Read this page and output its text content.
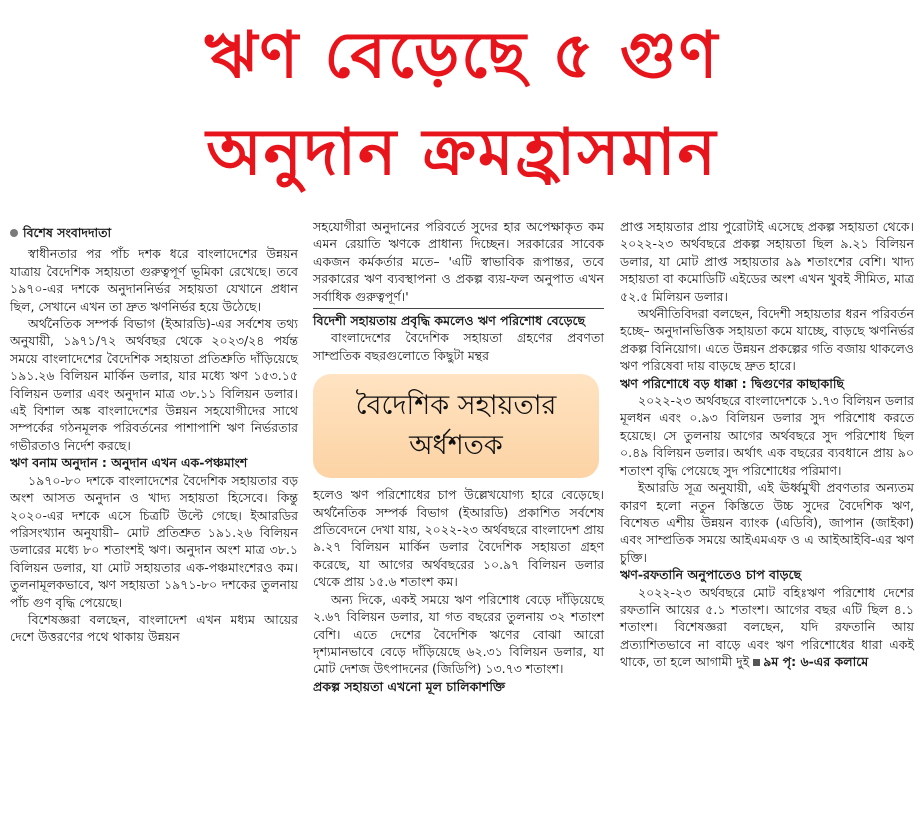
ঋণ বেড়েছে ৫ গুণ
অনুদান ক্রমহ্রাসমান
বিশেষ সংবাদদাতা

স্বাধীনতার পর পাঁচ দশক ধরে বাংলাদেশের উন্নয়ন যাত্রায় বৈদেশিক সহায়তা গুরুত্বপূর্ণ ভূমিকা রেখেছে। তবে ১৯৭০-এর দশকে অনুদাননির্ভর সহায়তা যেখানে প্রধান ছিল, সেখানে এখন তা দ্রুত ঋণনির্ভর হয়ে উঠেছে।

অর্থনৈতিক সম্পর্ক বিভাগ (ইআরডি)-এর সর্বশেষ তথ্য অনুযায়ী, ১৯৭১/৭২ অর্থবছর থেকে ২০২৩/২৪ পর্যন্ত সময়ে বাংলাদেশের বৈদেশিক সহায়তা প্রতিশ্রুতি দাঁড়িয়েছে ১৯১.২৬ বিলিয়ন মার্কিন ডলার, যার মধ্যে ঋণ ১৫৩.১৫ বিলিয়ন ডলার এবং অনুদান মাত্র ৩৮.১১ বিলিয়ন ডলার। এই বিশাল অঙ্ক বাংলাদেশের উন্নয়ন সহযোগীদের সাথে সম্পর্কের গঠনমূলক পরিবর্তনের পাশাপাশি ঋণ নির্ভরতার গভীরতাও নির্দেশ করছে।

ঋণ বনাম অনুদান : অনুদান এখন এক-পঞ্চমাংশ

১৯৭০-৮০ দশকে বাংলাদেশের বৈদেশিক সহায়তার বড় অংশ আসত অনুদান ও খাদ্য সহায়তা হিসেবে। কিন্তু ২০২০-এর দশকে এসে চিত্রটি উল্টে গেছে। ইআরডির পরিসংখ্যান অনুযায়ী– মোট প্রতিশ্রুত ১৯১.২৬ বিলিয়ন ডলারের মধ্যে ৮০ শতাংশই ঋণ। অনুদান অংশ মাত্র ৩৮.১ বিলিয়ন ডলার, যা মোট সহায়তার এক-পঞ্চমাংশেরও কম। তুলনামূলকভাবে, ঋণ সহায়তা ১৯৭১-৮০ দশকের তুলনায় পাঁচ গুণ বৃদ্ধি পেয়েছে।

বিশেষজ্ঞরা বলছেন, বাংলাদেশ এখন মধ্যম আয়ের দেশে উত্তরণের পথে থাকায় উন্নয়ন

সহযোগীরা অনুদানের পরিবর্তে সুদের হার অপেক্ষাকৃত কম এমন রেয়াতি ঋণকে প্রাধান্য দিচ্ছেন। সরকারের সাবেক একজন কর্মকর্তার মতে– 'এটি স্বাভাবিক রূপান্তর, তবে সরকারের ঋণ ব্যবস্থাপনা ও প্রকল্প ব্যয়-ফল অনুপাত এখন সর্বাধিক গুরুত্বপূর্ণ।'

বিদেশী সহায়তায় প্রবৃদ্ধি কমলেও ঋণ পরিশোধ বেড়েছে

বাংলাদেশের বৈদেশিক সহায়তা গ্রহণের প্রবণতা সাম্প্রতিক বছরগুলোতে কিছুটা মন্থর

বৈদেশিক সহায়তার
অর্ধশতক

হলেও ঋণ পরিশোধের চাপ উল্লেখযোগ্য হারে বেড়েছে। অর্থনৈতিক সম্পর্ক বিভাগ (ইআরডি) প্রকাশিত সর্বশেষ প্রতিবেদনে দেখা যায়, ২০২২-২৩ অর্থবছরে বাংলাদেশ প্রায় ৯.২৭ বিলিয়ন মার্কিন ডলার বৈদেশিক সহায়তা গ্রহণ করেছে, যা আগের অর্থবছরের ১০.৯৭ বিলিয়ন ডলার থেকে প্রায় ১৫.৬ শতাংশ কম।

অন্য দিকে, একই সময়ে ঋণ পরিশোধ বেড়ে দাঁড়িয়েছে ২.৬৭ বিলিয়ন ডলার, যা গত বছরের তুলনায় ৩২ শতাংশ বেশি। এতে দেশের বৈদেশিক ঋণের বোঝা আরো দৃশ্যমানভাবে বেড়ে দাঁড়িয়েছে ৬২.৩১ বিলিয়ন ডলার, যা মোট দেশজ উৎপাদনের (জিডিপি) ১৩.৭৩ শতাংশ।

প্রকল্প সহায়তা এখনো মূল চালিকাশক্তি

প্রাপ্ত সহায়তার প্রায় পুরোটাই এসেছে প্রকল্প সহায়তা থেকে। ২০২২-২৩ অর্থবছরে প্রকল্প সহায়তা ছিল ৯.২১ বিলিয়ন ডলার, যা মোট প্রাপ্ত সহায়তার ৯৯ শতাংশের বেশি। খাদ্য সহায়তা বা কমোডিটি এইডের অংশ এখন খুবই সীমিত, মাত্র ৫২.৫ মিলিয়ন ডলার।

অর্থনীতিবিদরা বলছেন, বিদেশী সহায়তার ধরন পরিবর্তন হচ্ছে– অনুদানভিত্তিক সহায়তা কমে যাচ্ছে, বাড়ছে ঋণনির্ভর প্রকল্প বিনিয়োগ। এতে উন্নয়ন প্রকল্পের গতি বজায় থাকলেও ঋণ পরিষেবা দায় বাড়ছে দ্রুত হারে।

ঋণ পরিশোধে বড় ধাক্কা : দ্বিগুণের কাছাকাছি

২০২২-২৩ অর্থবছরে বাংলাদেশকে ১.৭৩ বিলিয়ন ডলার মূলধন এবং ০.৯৩ বিলিয়ন ডলার সুদ পরিশোধ করতে হয়েছে। সে তুলনায় আগের অর্থবছরে সুদ পরিশোধ ছিল ০.৪৯ বিলিয়ন ডলার। অর্থাৎ এক বছরের ব্যবধানে প্রায় ৯০ শতাংশ বৃদ্ধি পেয়েছে সুদ পরিশোধের পরিমাণ।

ইআরডি সূত্র অনুযায়ী, এই ঊর্ধ্বমুখী প্রবণতার অন্যতম কারণ হলো নতুন কিস্তিতে উচ্চ সুদের বৈদেশিক ঋণ, বিশেষত এশীয় উন্নয়ন ব্যাংক (এডিবি), জাপান (জাইকা) এবং সাম্প্রতিক সময়ে আইএমএফ ও এ আইআইবি-এর ঋণ চুক্তি।

ঋণ-রফতানি অনুপাতেও চাপ বাড়ছে

২০২২-২৩ অর্থবছরে মোট বহিঃঋণ পরিশোধ দেশের রফতানি আয়ের ৫.১ শতাংশ। আগের বছর এটি ছিল ৪.১ শতাংশ। বিশেষজ্ঞরা বলছেন, যদি রফতানি আয় প্রত্যাশিতভাবে না বাড়ে এবং ঋণ পরিশোধের ধারা একই থাকে, তা হলে আগামী দুই ৯ম পৃ: ৬-এর কলামে
